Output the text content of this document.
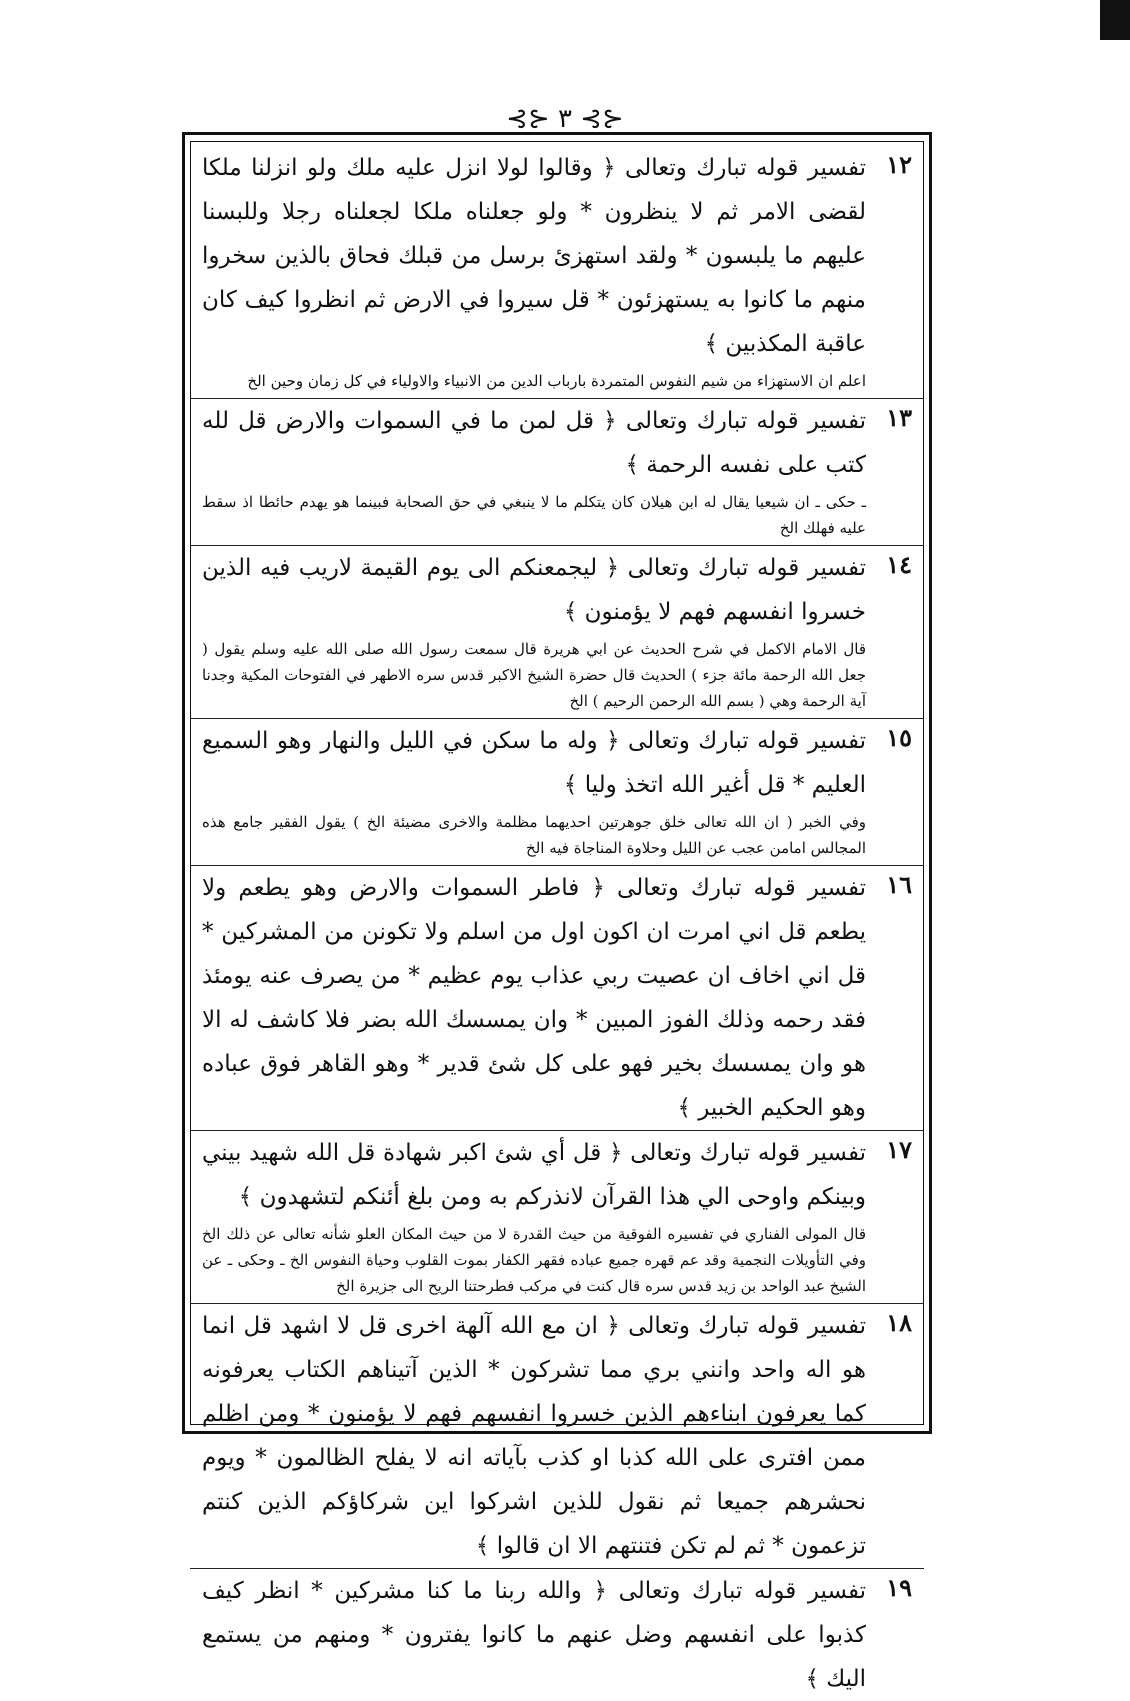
⊰⊱ ٣ ⊰⊱
١٢
تفسير قوله تبارك وتعالى ﴿ وقالوا لولا انزل عليه ملك ولو انزلنا ملكا لقضى الامر ثم لا ينظرون * ولو جعلناه ملكا لجعلناه رجلا وللبسنا عليهم ما يلبسون * ولقد استهزئ برسل من قبلك فحاق بالذين سخروا منهم ما كانوا به يستهزئون * قل سيروا في الارض ثم انظروا كيف كان عاقبة المكذبين ﴾
اعلم ان الاستهزاء من شيم النفوس المتمردة بارباب الدين من الانبياء والاولياء في كل زمان وحين الخ
١٣
تفسير قوله تبارك وتعالى ﴿ قل لمن ما في السموات والارض قل لله كتب على نفسه الرحمة ﴾
ـ حكى ـ ان شيعيا يقال له ابن هيلان كان يتكلم ما لا ينبغي في حق الصحابة فبينما هو يهدم حائطا اذ سقط عليه فهلك الخ
١٤
تفسير قوله تبارك وتعالى ﴿ ليجمعنكم الى يوم القيمة لاريب فيه الذين خسروا انفسهم فهم لا يؤمنون ﴾
قال الامام الاكمل في شرح الحديث عن ابي هريرة قال سمعت رسول الله صلى الله عليه وسلم يقول ( جعل الله الرحمة مائة جزء ) الحديث قال حضرة الشيخ الاكبر قدس سره الاطهر في الفتوحات المكية وجدنا آية الرحمة وهي ( بسم الله الرحمن الرحيم ) الخ
١٥
تفسير قوله تبارك وتعالى ﴿ وله ما سكن في الليل والنهار وهو السميع العليم * قل أغير الله اتخذ وليا ﴾
وفي الخبر ( ان الله تعالى خلق جوهرتين احديهما مظلمة والاخرى مضيئة الخ ) يقول الفقير جامع هذه المجالس امامن عجب عن الليل وحلاوة المناجاة فيه الخ
١٦
تفسير قوله تبارك وتعالى ﴿ فاطر السموات والارض وهو يطعم ولا يطعم قل اني امرت ان اكون اول من اسلم ولا تكونن من المشركين * قل اني اخاف ان عصيت ربي عذاب يوم عظيم * من يصرف عنه يومئذ فقد رحمه وذلك الفوز المبين * وان يمسسك الله بضر فلا كاشف له الا هو وان يمسسك بخير فهو على كل شئ قدير * وهو القاهر فوق عباده وهو الحكيم الخبير ﴾
١٧
تفسير قوله تبارك وتعالى ﴿ قل أي شئ اكبر شهادة قل الله شهيد بيني وبينكم واوحى الي هذا القرآن لانذركم به ومن بلغ أئنكم لتشهدون ﴾
قال المولى الفناري في تفسيره الفوقية من حيث القدرة لا من حيث المكان العلو شأنه تعالى عن ذلك الخ وفي التأويلات النجمية وقد عم قهره جميع عباده فقهر الكفار بموت القلوب وحياة النفوس الخ ـ وحكى ـ عن الشيخ عبد الواحد بن زيد قدس سره قال كنت في مركب فطرحتنا الريح الى جزيرة الخ
١٨
تفسير قوله تبارك وتعالى ﴿ ان مع الله آلهة اخرى قل لا اشهد قل انما هو اله واحد وانني بري مما تشركون * الذين آتيناهم الكتاب يعرفونه كما يعرفون ابناءهم الذين خسروا انفسهم فهم لا يؤمنون * ومن اظلم ممن افترى على الله كذبا او كذب بآياته انه لا يفلح الظالمون * ويوم نحشرهم جميعا ثم نقول للذين اشركوا اين شركاؤكم الذين كنتم تزعمون * ثم لم تكن فتنتهم الا ان قالوا ﴾
١٩
تفسير قوله تبارك وتعالى ﴿ والله ربنا ما كنا مشركين * انظر كيف كذبوا على انفسهم وضل عنهم ما كانوا يفترون * ومنهم من يستمع اليك ﴾
